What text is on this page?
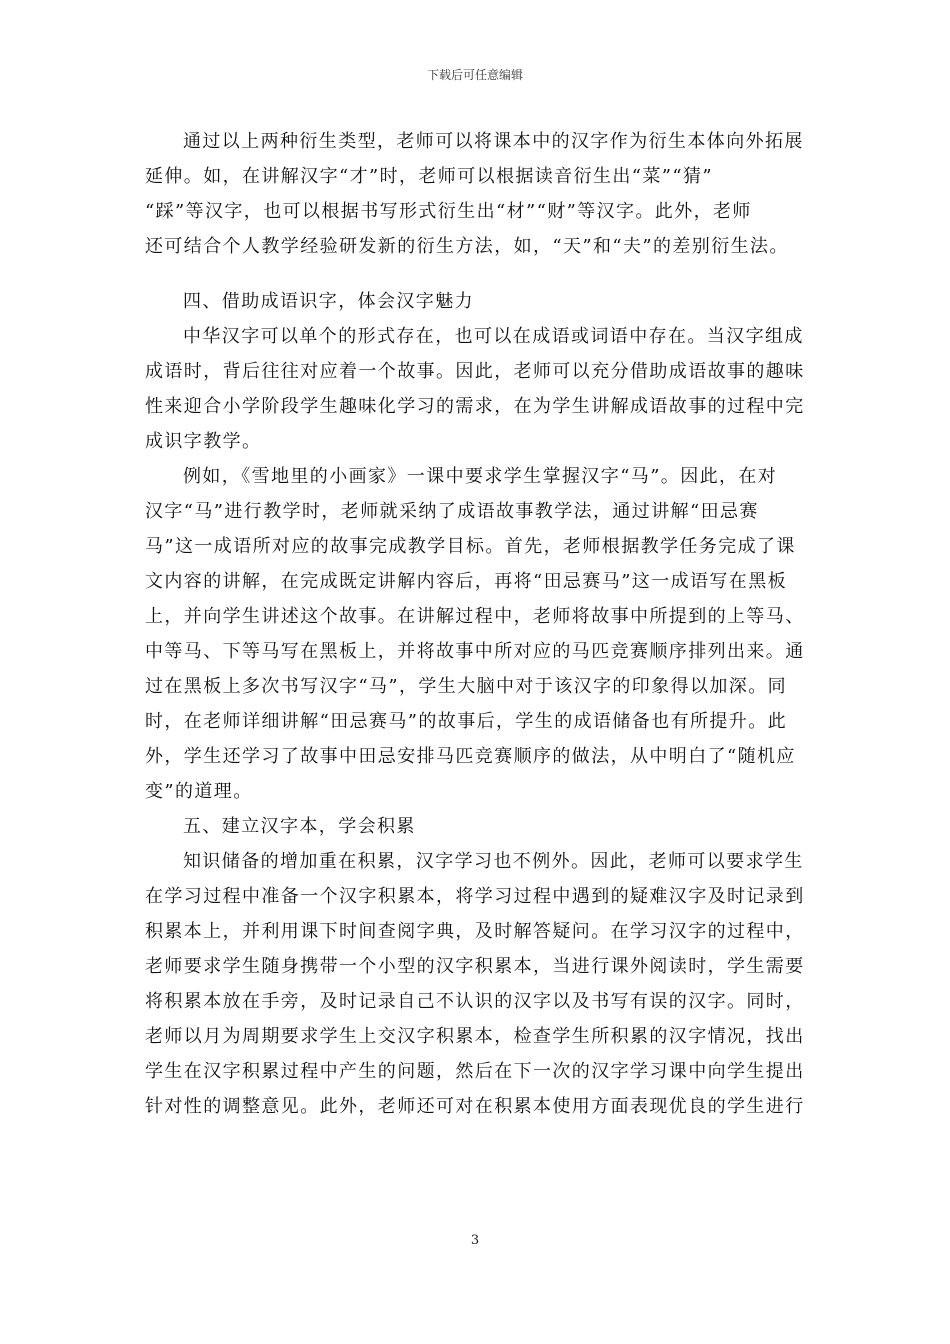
下载后可任意编辑
通过以上两种衍生类型，老师可以将课本中的汉字作为衍生本体向外拓展
延伸。如，在讲解汉字“才”时，老师可以根据读音衍生出“菜”“猜”
“踩”等汉字，也可以根据书写形式衍生出“材”“财”等汉字。此外，老师
还可结合个人教学经验研发新的衍生方法，如，“天”和“夫”的差别衍生法。
四、借助成语识字，体会汉字魅力
中华汉字可以单个的形式存在，也可以在成语或词语中存在。当汉字组成
成语时，背后往往对应着一个故事。因此，老师可以充分借助成语故事的趣味
性来迎合小学阶段学生趣味化学习的需求，在为学生讲解成语故事的过程中完
成识字教学。
例如，《雪地里的小画家》一课中要求学生掌握汉字“马”。因此，在对
汉字“马”进行教学时，老师就采纳了成语故事教学法，通过讲解“田忌赛
马”这一成语所对应的故事完成教学目标。首先，老师根据教学任务完成了课
文内容的讲解，在完成既定讲解内容后，再将“田忌赛马”这一成语写在黑板
上，并向学生讲述这个故事。在讲解过程中，老师将故事中所提到的上等马、
中等马、下等马写在黑板上，并将故事中所对应的马匹竞赛顺序排列出来。通
过在黑板上多次书写汉字“马”，学生大脑中对于该汉字的印象得以加深。同
时，在老师详细讲解“田忌赛马”的故事后，学生的成语储备也有所提升。此
外，学生还学习了故事中田忌安排马匹竞赛顺序的做法，从中明白了“随机应
变”的道理。
五、建立汉字本，学会积累
知识储备的增加重在积累，汉字学习也不例外。因此，老师可以要求学生
在学习过程中准备一个汉字积累本，将学习过程中遇到的疑难汉字及时记录到
积累本上，并利用课下时间查阅字典，及时解答疑问。在学习汉字的过程中，
老师要求学生随身携带一个小型的汉字积累本，当进行课外阅读时，学生需要
将积累本放在手旁，及时记录自己不认识的汉字以及书写有误的汉字。同时，
老师以月为周期要求学生上交汉字积累本，检查学生所积累的汉字情况，找出
学生在汉字积累过程中产生的问题，然后在下一次的汉字学习课中向学生提出
针对性的调整意见。此外，老师还可对在积累本使用方面表现优良的学生进行
3
